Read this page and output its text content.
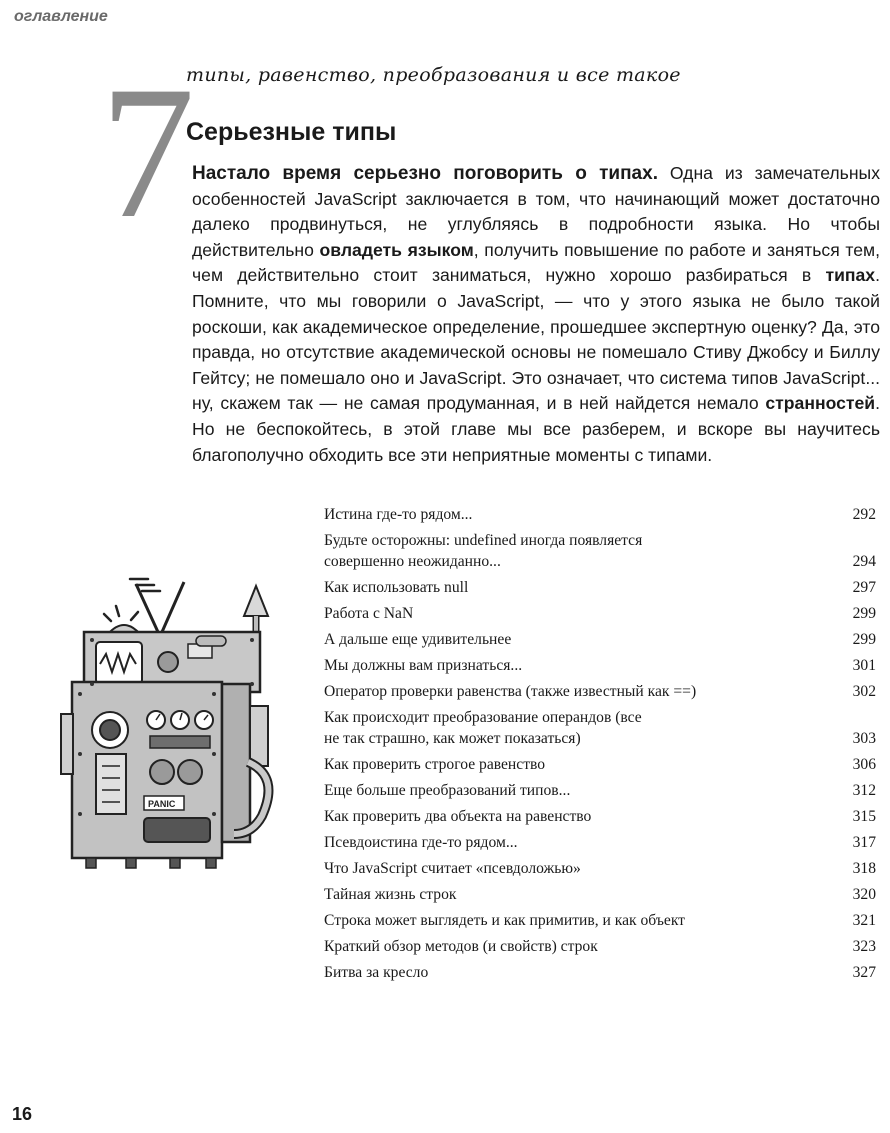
оглавление
7
типы, равенство, преобразования и все такое
Серьезные типы

Настало время серьезно поговорить о типах. Одна из замечательных особенностей JavaScript заключается в том, что начинающий может достаточно далеко продвинуться, не углубляясь в подробности языка. Но чтобы действительно овладеть языком, получить повышение по работе и заняться тем, чем действительно стоит заниматься, нужно хорошо разбираться в типах. Помните, что мы говорили о JavaScript, — что у этого языка не было такой роскоши, как академическое определение, прошедшее экспертную оценку? Да, это правда, но отсутствие академической основы не помешало Стиву Джобсу и Биллу Гейтсу; не помешало оно и JavaScript. Это означает, что система типов JavaScript... ну, скажем так — не самая продуманная, и в ней найдется немало странностей. Но не беспокойтесь, в этой главе мы все разберем, и вскоре вы научитесь благополучно обходить все эти неприятные моменты с типами.

PANIC
Истина где-то рядом...	292
Будьте осторожны: undefined иногда появляется совершенно неожиданно...	294
Как использовать null	297
Работа с NaN	299
А дальше еще удивительнее	299
Мы должны вам признаться...	301
Оператор проверки равенства (также известный как ==)	302
Как происходит преобразование операндов (все не так страшно, как может показаться)	303
Как проверить строгое равенство	306
Еще больше преобразований типов...	312
Как проверить два объекта на равенство	315
Псевдоистина где-то рядом...	317
Что JavaScript считает «псевдоложью»	318
Тайная жизнь строк	320
Строка может выглядеть и как примитив, и как объект	321
Краткий обзор методов (и свойств) строк	323
Битва за кресло	327
16
